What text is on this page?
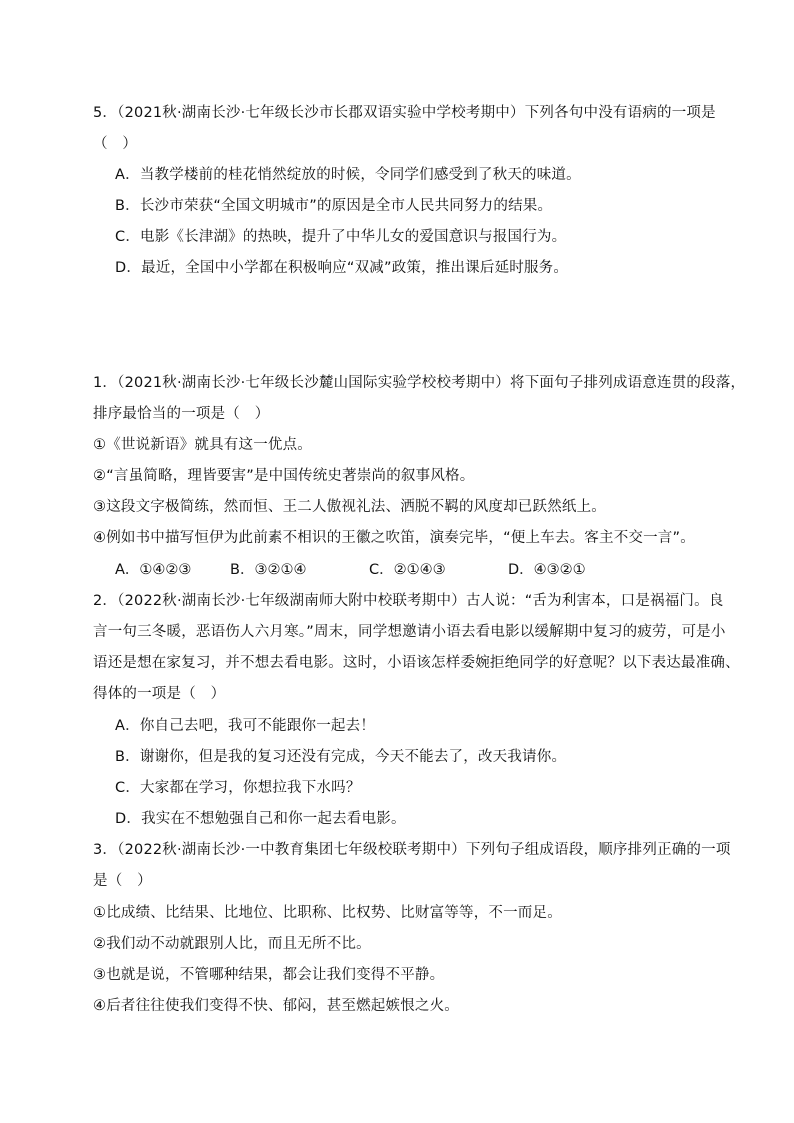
5．（2021秋·湖南长沙·七年级长沙市长郡双语实验中学校考期中）下列各句中没有语病的一项是
（　）
A．当教学楼前的桂花悄然绽放的时候，令同学们感受到了秋天的味道。
B．长沙市荣获“全国文明城市”的原因是全市人民共同努力的结果。
C．电影《长津湖》的热映，提升了中华儿女的爱国意识与报国行为。
D．最近，全国中小学都在积极响应“双减”政策，推出课后延时服务。
1．（2021秋·湖南长沙·七年级长沙麓山国际实验学校校考期中）将下面句子排列成语意连贯的段落，
排序最恰当的一项是（　）
①《世说新语》就具有这一优点。
②“言虽简略，理皆要害”是中国传统史著崇尚的叙事风格。
③这段文字极简练，然而恒、王二人傲视礼法、洒脱不羁的风度却已跃然纸上。
④例如书中描写恒伊为此前素不相识的王徽之吹笛，演奏完毕，“便上车去。客主不交一言”。
A．①④②③	B．③②①④	C．②①④③	D．④③②①
2．（2022秋·湖南长沙·七年级湖南师大附中校联考期中）古人说：“舌为利害本，口是祸福门。良
言一句三冬暖，恶语伤人六月寒。”周末，同学想邀请小语去看电影以缓解期中复习的疲劳，可是小
语还是想在家复习，并不想去看电影。这时，小语该怎样委婉拒绝同学的好意呢？以下表达最准确、
得体的一项是（　）
A．你自己去吧，我可不能跟你一起去！
B．谢谢你，但是我的复习还没有完成，今天不能去了，改天我请你。
C．大家都在学习，你想拉我下水吗？
D．我实在不想勉强自己和你一起去看电影。
3．（2022秋·湖南长沙·一中教育集团七年级校联考期中）下列句子组成语段，顺序排列正确的一项
是（　）
①比成绩、比结果、比地位、比职称、比权势、比财富等等，不一而足。
②我们动不动就跟别人比，而且无所不比。
③也就是说，不管哪种结果，都会让我们变得不平静。
④后者往往使我们变得不快、郁闷，甚至燃起嫉恨之火。
